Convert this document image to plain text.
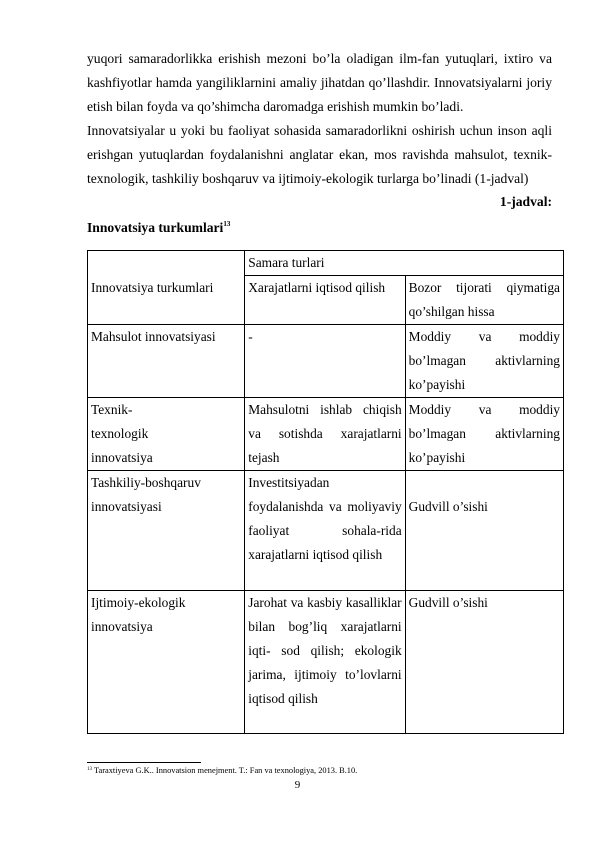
yuqori samaradorlikka erishish mezoni bo’la oladigan ilm-fan yutuqlari, ixtiro va kashfiyotlar hamda yangiliklarnini amaliy jihatdan qo’llashdir. Innovatsiyalarni joriy etish bilan foyda va qo’shimcha daromadga erishish mumkin bo’ladi.

Innovatsiyalar u yoki bu faoliyat sohasida samaradorlikni oshirish uchun inson aqli erishgan yutuqlardan foydalanishni anglatar ekan, mos ravishda mahsulot, texnik-texnologik, tashkiliy boshqaruv va ijtimoiy-ekologik turlarga bo’linadi (1-jadval)

1-jadval:
Innovatsiya turkumlari$^{13}$
Innovatsiya turkumlari	Samara turlari	
	Xarajatlarni iqtisod qilish	Bozor tijorati qiymatiga qo’shilgan hissa
Mahsulot innovatsiyasi	-	Moddiy va moddiy bo’lmagan aktivlarning ko’payishi
Texnik-texnologik innovatsiya	Mahsulotni ishlab chiqish va sotishda xarajatlarni tejash	Moddiy va moddiy bo’lmagan aktivlarning ko’payishi
Tashkiliy-boshqaruv innovatsiyasi	Investitsiyadan foydalanishda va moliyaviy faoliyat sohala-rida xarajatlarni iqtisod qilish	Gudvill o’sishi
Ijtimoiy-ekologik innovatsiya	Jarohat va kasbiy kasalliklar bilan bog’liq xarajatlarni iqti- sod qilish; ekologik jarima, ijtimoiy to’lovlarni iqtisod qilish	Gudvill o’sishi
$^{13}$ Taraxtiyeva G.K.. Innovatsion menejment. T.: Fan va texnologiya, 2013. B.10.
9
